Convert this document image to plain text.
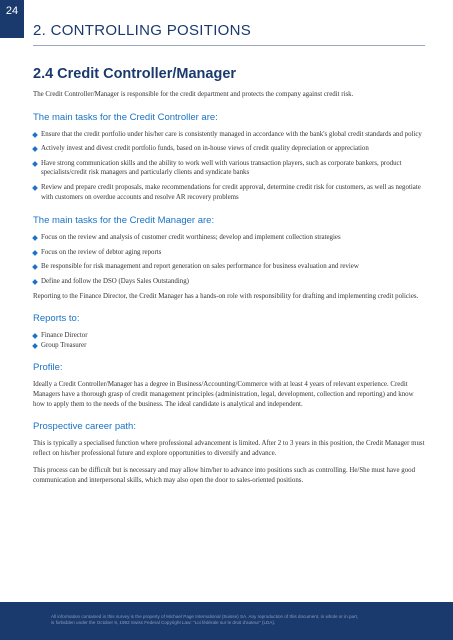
24
2. CONTROLLING POSITIONS
2.4 Credit Controller/Manager

The Credit Controller/Manager is responsible for the credit department and protects the company against credit risk.

The main tasks for the Credit Controller are:
Ensure that the credit portfolio under his/her care is consistently managed in accordance with the bank's global credit standards and policy
Actively invest and divest credit portfolio funds, based on in-house views of credit quality depreciation or appreciation
Have strong communication skills and the ability to work well with various transaction players, such as corporate bankers, product specialists/credit risk managers and particularly clients and syndicate banks
Review and prepare credit proposals, make recommendations for credit approval, determine credit risk for customers, as well as negotiate with customers on overdue accounts and resolve AR recovery problems
The main tasks for the Credit Manager are:
Focus on the review and analysis of customer credit worthiness; develop and implement collection strategies
Focus on the review of debtor aging reports
Be responsible for risk management and report generation on sales performance for business evaluation and review
Define and follow the DSO (Days Sales Outstanding)

Reporting to the Finance Director, the Credit Manager has a hands-on role with responsibility for drafting and implementing credit policies.

Reports to:
Finance Director
Group Treasurer
Profile:

Ideally a Credit Controller/Manager has a degree in Business/Accounting/Commerce with at least 4 years of relevant experience. Credit Managers have a thorough grasp of credit management principles (administration, legal, development, collection and reporting) and know how to apply them to the needs of the business. The ideal candidate is analytical and independent.

Prospective career path:

This is typically a specialised function where professional advancement is limited. After 2 to 3 years in this position, the Credit Manager must reflect on his/her professional future and explore opportunities to diversify and advance.

This process can be difficult but is necessary and may allow him/her to advance into positions such as controlling. He/She must have good communication and interpersonal skills, which may also open the door to sales-oriented positions.

All information contained in this survey is the property of Michael Page International (Suisse) SA. Any reproduction of this document, in whole or in part,
is forbidden under the October 9, 1992 Swiss Federal Copyright Law: "Loi fédérale sur le droit d'auteur" (LDA).
